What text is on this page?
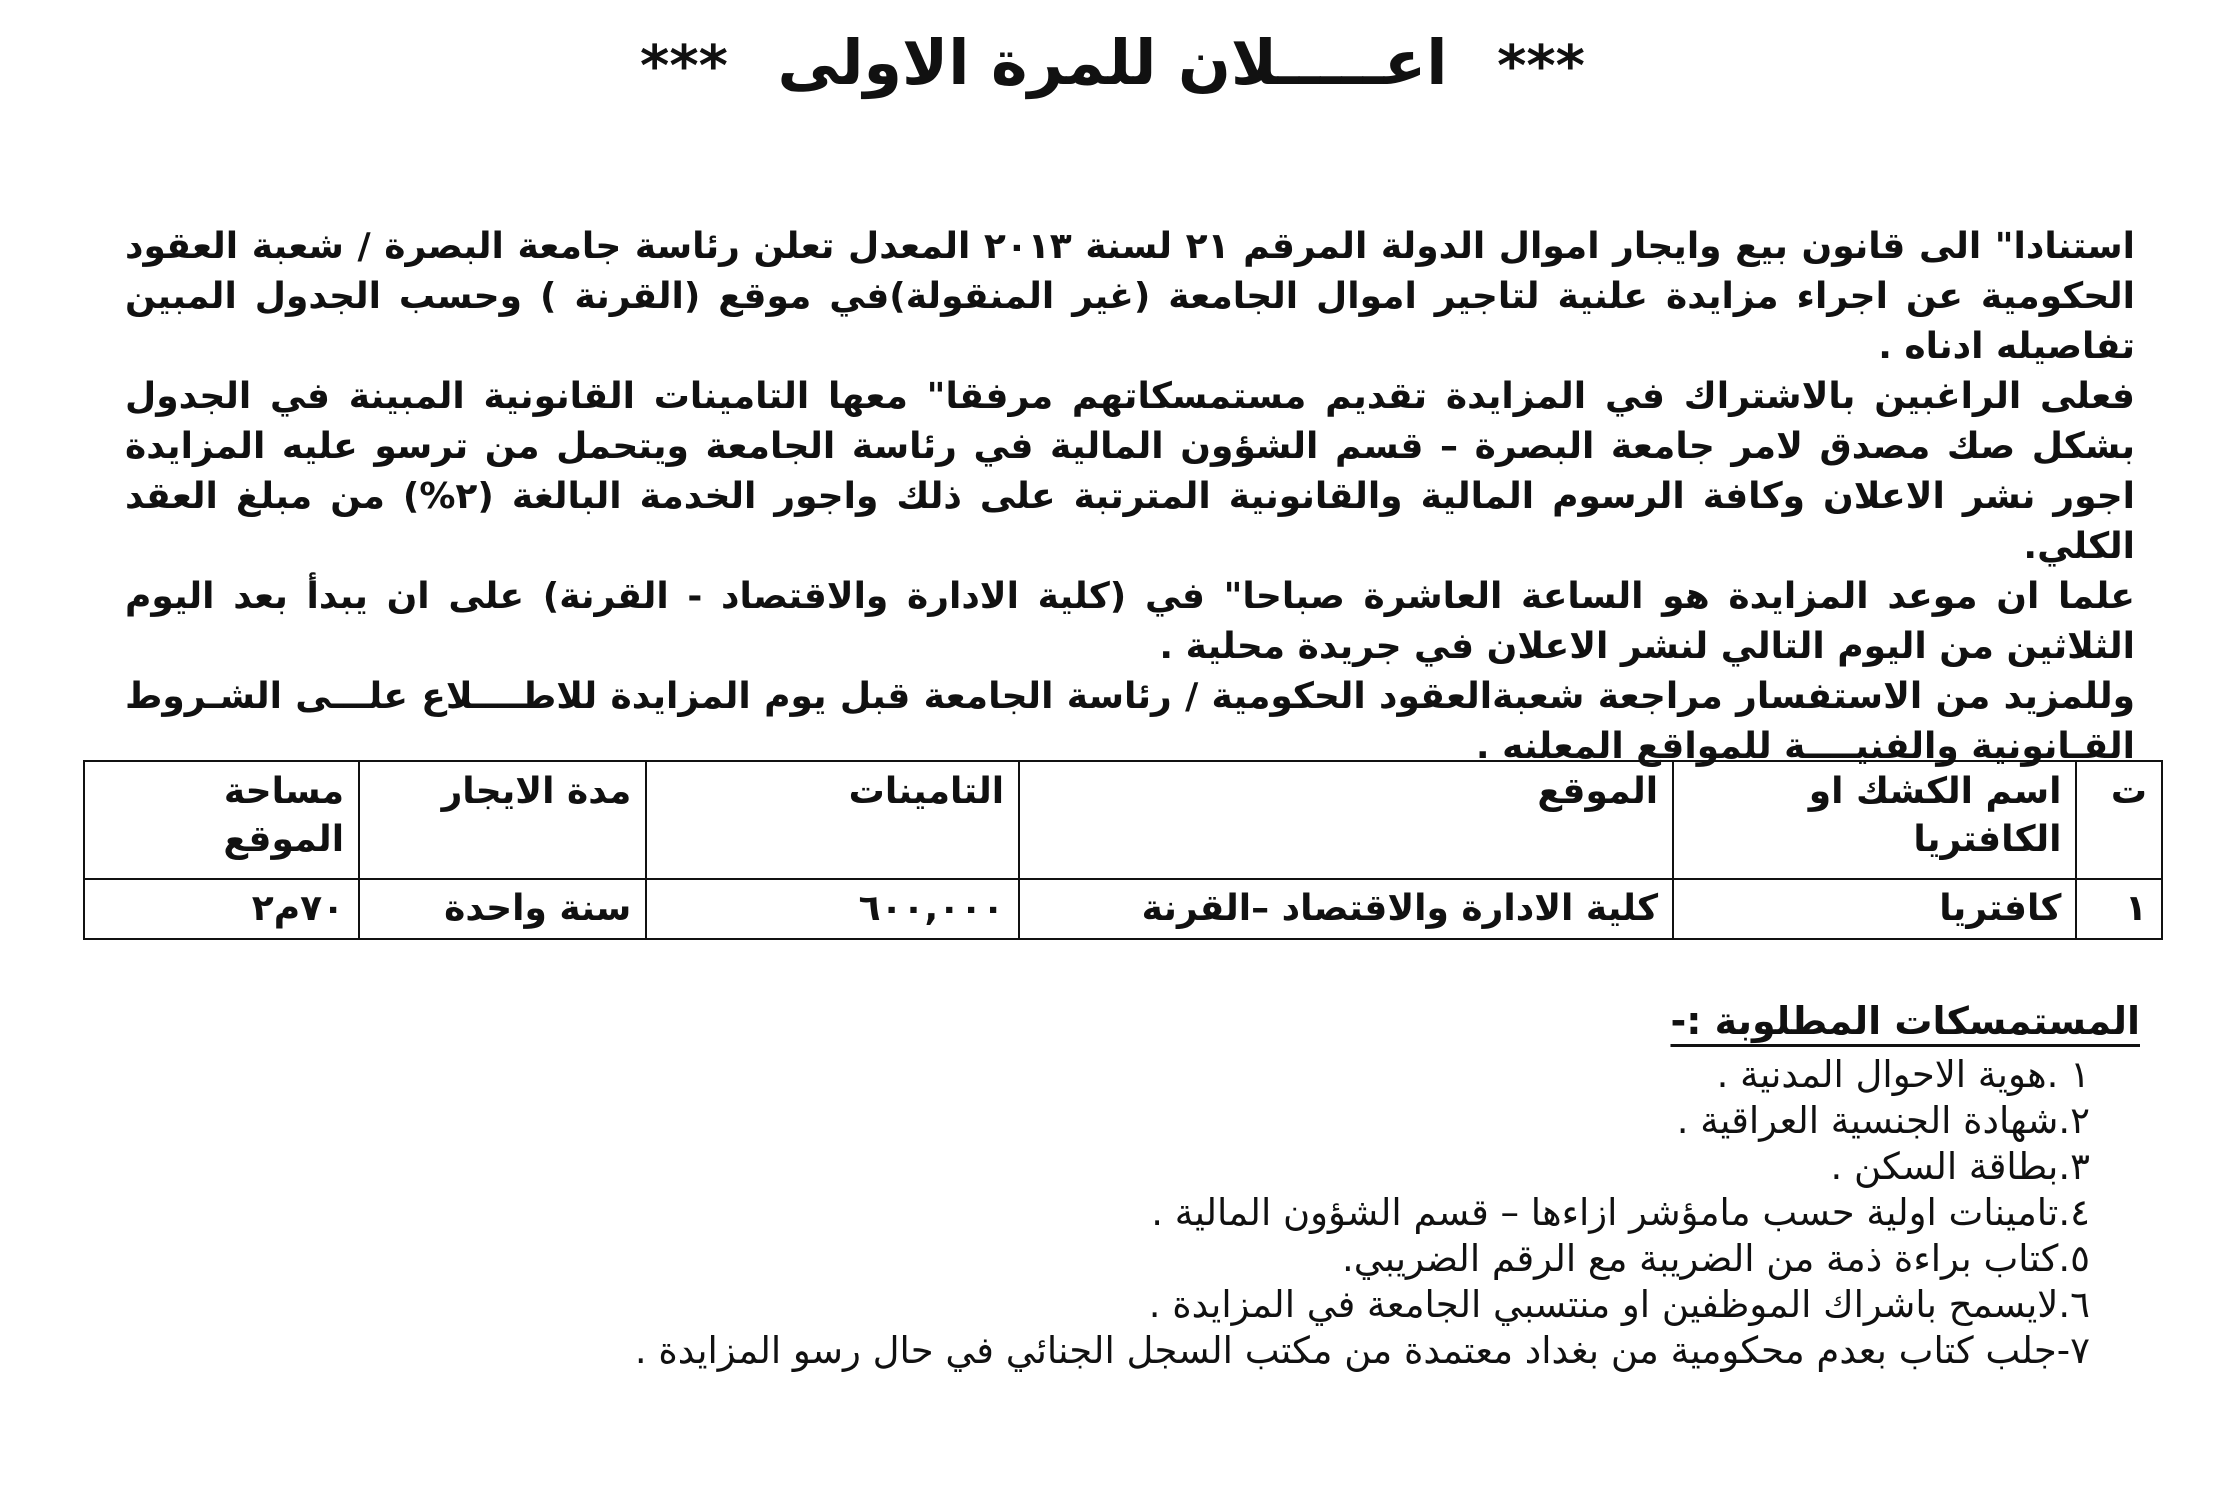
*** اعـــــلان للمرة الاولى ***

استنادا" الى قانون بيع وايجار اموال الدولة المرقم ٢١ لسنة ٢٠١٣ المعدل تعلن رئاسة جامعة البصرة / شعبة العقود الحكومية عن اجراء مزايدة علنية لتاجير اموال الجامعة (غير المنقولة)في موقع (القرنة ) وحسب الجدول المبين تفاصيله ادناه .

فعلى الراغبين بالاشتراك في المزايدة تقديم مستمسكاتهم مرفقا" معها التامينات القانونية المبينة في الجدول بشكل صك مصدق لامر جامعة البصرة – قسم الشؤون المالية في رئاسة الجامعة ويتحمل من ترسو عليه المزايدة اجور نشر الاعلان وكافة الرسوم المالية والقانونية المترتبة على ذلك واجور الخدمة البالغة (٢%) من مبلغ العقد الكلي.

علما ان موعد المزايدة هو الساعة العاشرة صباحا" في (كلية الادارة والاقتصاد - القرنة) على ان يبدأ بعد اليوم الثلاثين من اليوم التالي لنشر الاعلان في جريدة محلية .

وللمزيد من الاستفسار مراجعة شعبةالعقود الحكومية / رئاسة الجامعة قبل يوم المزايدة للاطــــلاع علـــى الشـروط القـانونية والفنيــــة للمواقع المعلنه .

ت	اسم الكشك او الكافتريا	الموقع	التامينات	مدة الايجار	مساحة الموقع
١	كافتريا	كلية الادارة والاقتصاد –القرنة	٦٠٠,٠٠٠	سنة واحدة	٧٠م٢
المستمسكات المطلوبة :-
١ .هوية الاحوال المدنية .
٢.شهادة الجنسية العراقية .
٣.بطاقة السكن .
٤.تامينات اولية حسب مامؤشر ازاءها – قسم الشؤون المالية .
٥.كتاب براءة ذمة من الضريبة مع الرقم الضريبي.
٦.لايسمح باشراك الموظفين او منتسبي الجامعة في المزايدة .
٧-جلب كتاب بعدم محكومية من بغداد معتمدة من مكتب السجل الجنائي في حال رسو المزايدة .
